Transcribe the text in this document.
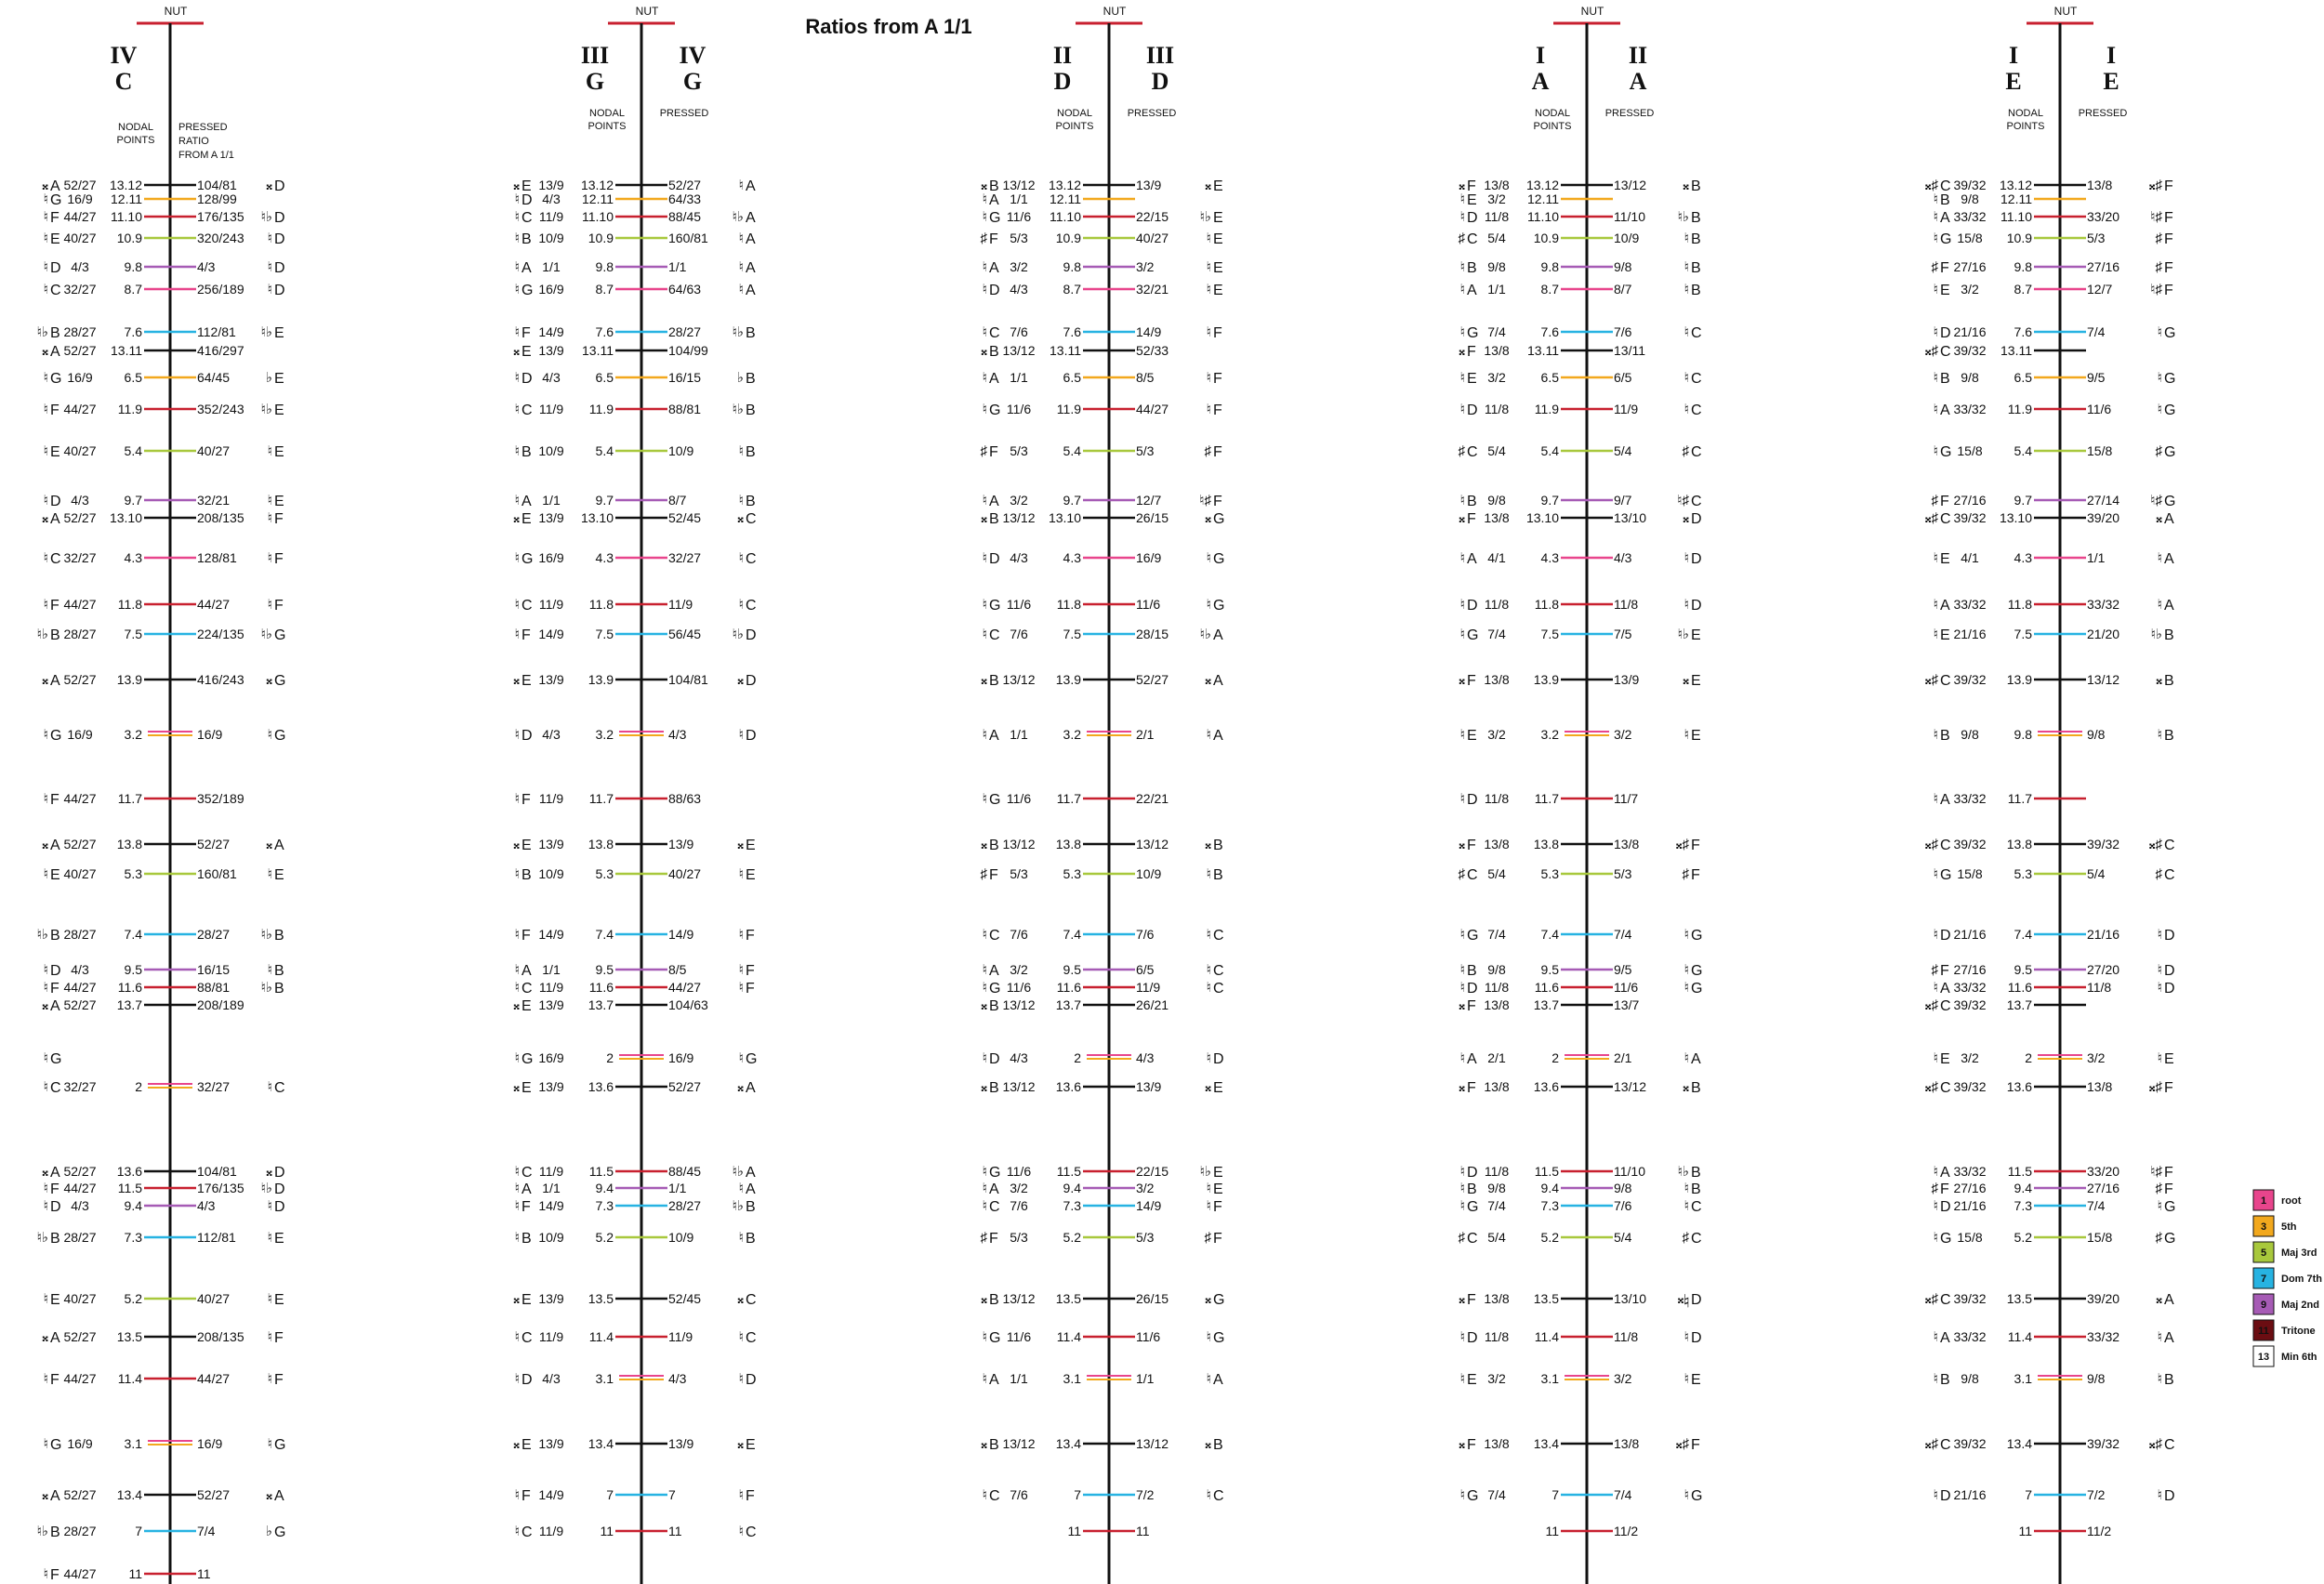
Ratios from A 1/1
NUT
IV
C
NODAL
POINTS
PRESSED
RATIO
FROM A 1/1
𝄪 A 52/27 13.12	104/81 𝄪 D
♮ G 16/9 12.11	128/99
♮ F 44/27 11.10	176/135 ♮♭ D
♮ E 40/27 10.9	320/243 ♮ D
♮ D 4/3	9.8	4/3	♮ D
♮ C 32/27 8.7	256/189 ♮ D
♮♭ B 28/27 7.6	112/81 ♮♭ E
𝄪 A 52/27 13.11	416/297
♮ G 16/9 6.5	64/45	♭ E
♮ F 44/27 11.9	352/243 ♮♭ E
♮ E 40/27 5.4	40/27	♮ E
♮ D 4/3	9.7	32/21	♮ E
𝄪 A 52/27 13.10	208/135 ♮ F
♮ C 32/27 4.3	128/81 ♮ F
♮ F 44/27 11.8	44/27	♮ F
♮♭ B 28/27 7.5	224/135 ♮♭ G
𝄪 A 52/27 13.9	416/243 𝄪 G
♮ G 16/9 3.2	16/9	♮ G
♮ F 44/27 11.7	352/189
𝄪 A 52/27 13.8	52/27	𝄪 A
♮ E 40/27 5.3	160/81 ♮ E
♮♭ B 28/27 7.4	28/27 ♮♭ B
♮ D 4/3	9.5	16/15	♮ B
♮ F 44/27 11.6	88/81 ♮♭ B
𝄪 A 52/27 13.7	208/189
♮ G
♮ C 32/27	2	32/27	♮ C
𝄪 A 52/27 13.6	104/81 𝄪 D
♮ F 44/27 11.5	176/135 ♮♭ D
♮ D 4/3	9.4	4/3	♮ D
♮♭ B 28/27 7.3	112/81 ♮ E
♮ E 40/27 5.2	40/27	♮ E
𝄪 A 52/27 13.5	208/135 ♮ F
♮ F 44/27 11.4	44/27	♮ F
♮ G 16/9 3.1	16/9	♮ G
𝄪 A 52/27 13.4	52/27	𝄪 A
♮♭ B 28/27	7	7/4	♭ G
♮ F 44/27 11	11
NUT
III
G
IV
G
NODAL
POINTS
PRESSED
𝄪 E 13/9 13.12	52/27	♮ A
♮ D 4/3 12.11	64/33
♮ C 11/9 11.10	88/45 ♮♭ A
♮ B 10/9 10.9	160/81 ♮ A
♮ A 1/1	9.8	1/1	♮ A
♮ G 16/9 8.7	64/63	♮ A
♮ F 14/9 7.6	28/27 ♮♭ B
𝄪 E 13/9 13.11	104/99
♮ D 4/3	6.5	16/15	♭ B
♮ C 11/9 11.9	88/81 ♮♭ B
♮ B 10/9 5.4	10/9	♮ B
♮ A 1/1	9.7	8/7	♮ B
𝄪 E 13/9 13.10	52/45	𝄪 C
♮ G 16/9 4.3	32/27	♮ C
♮ C 11/9 11.8	11/9	♮ C
♮ F 14/9 7.5	56/45 ♮♭ D
𝄪 E 13/9 13.9	104/81 𝄪 D
♮ D 4/3	3.2	4/3	♮ D
♮ F 11/9 11.7	88/63
𝄪 E 13/9 13.8	13/9	𝄪 E
♮ B 10/9 5.3	40/27	♮ E
♮ F 14/9 7.4	14/9	♮ F
♮ A 1/1	9.5	8/5	♮ F
♮ C 11/9 11.6	44/27	♮ F
𝄪 E 13/9 13.7	104/63
♮ G 16/9	2	16/9	♮ G
𝄪 E 13/9 13.6	52/27	𝄪 A
♮ C 11/9 11.5	88/45 ♮♭ A
♮ A 1/1	9.4	1/1	♮ A
♮ F 14/9 7.3	28/27 ♮♭ B
♮ B 10/9 5.2	10/9	♮ B
𝄪 E 13/9 13.5	52/45	𝄪 C
♮ C 11/9 11.4	11/9	♮ C
♮ D 4/3	3.1	4/3	♮ D
𝄪 E 13/9 13.4	13/9	𝄪 E
♮ F 14/9	7	7	♮ F
♮ C 11/9	11	11	♮ C
NUT
II
D
III
D
NODAL
POINTS
PRESSED
𝄪 B 13/12 13.12	13/9	𝄪 E
♮ A 1/1 12.11
♮ G 11/6 11.10	22/15 ♮♭ E
♯ F 5/3 10.9	40/27	♮ E
♮ A 3/2	9.8	3/2	♮ E
♮ D 4/3	8.7	32/21	♮ E
♮ C 7/6	7.6	14/9	♮ F
𝄪 B 13/12 13.11	52/33
♮ A 1/1	6.5	8/5	♮ F
♮ G 11/6 11.9	44/27	♮ F
♯ F 5/3	5.4	5/3	♯ F
♮ A 3/2	9.7	12/7	♮♯ F
𝄪 B 13/12 13.10	26/15	𝄪 G
♮ D 4/3	4.3	16/9	♮ G
♮ G 11/6 11.8	11/6	♮ G
♮ C 7/6	7.5	28/15 ♮♭ A
𝄪 B 13/12 13.9	52/27	𝄪 A
♮ A 1/1	3.2	2/1	♮ A
♮ G 11/6 11.7	22/21
𝄪 B 13/12 13.8	13/12	𝄪 B
♯ F 5/3	5.3	10/9	♮ B
♮ C 7/6	7.4	7/6	♮ C
♮ A 3/2	9.5	6/5	♮ C
♮ G 11/6 11.6	11/9	♮ C
𝄪 B 13/12 13.7	26/21
♮ D 4/3	2	4/3	♮ D
𝄪 B 13/12 13.6	13/9	𝄪 E
♮ G 11/6 11.5	22/15 ♮♭ E
♮ A 3/2	9.4	3/2	♮ E
♮ C 7/6	7.3	14/9	♮ F
♯ F 5/3	5.2	5/3	♯ F
𝄪 B 13/12 13.5	26/15	𝄪 G
♮ G 11/6 11.4	11/6	♮ G
♮ A 1/1	3.1	1/1	♮ A
𝄪 B 13/12 13.4	13/12	𝄪 B
♮ C 7/6	7	7/2	♮ C
11	11
NUT
I
A
II
A
NODAL
POINTS
PRESSED
𝄪 F 13/8 13.12	13/12	𝄪 B
♮ E 3/2 12.11
♮ D 11/8 11.10	11/10 ♮♭ B
♯ C 5/4 10.9	10/9	♮ B
♮ B 9/8	9.8	9/8	♮ B
♮ A 1/1	8.7	8/7	♮ B
♮ G 7/4	7.6	7/6	♮ C
𝄪 F 13/8 13.11	13/11
♮ E 3/2	6.5	6/5	♮ C
♮ D 11/8 11.9	11/9	♮ C
♯ C 5/4	5.4	5/4	♯ C
♮ B 9/8	9.7	9/7	♮♯ C
𝄪 F 13/8 13.10	13/10	𝄪 D
♮ A 4/1	4.3	4/3	♮ D
♮ D 11/8 11.8	11/8	♮ D
♮ G 7/4	7.5	7/5	♮♭ E
𝄪 F 13/8 13.9	13/9	𝄪 E
♮ E 3/2	3.2	3/2	♮ E
♮ D 11/8 11.7	11/7
𝄪 F 13/8 13.8	13/8	𝄪♯ F
♯ C 5/4	5.3	5/3	♯ F
♮ G 7/4	7.4	7/4	♮ G
♮ B 9/8	9.5	9/5	♮ G
♮ D 11/8 11.6	11/6	♮ G
𝄪 F 13/8 13.7	13/7
♮ A 2/1	2	2/1	♮ A
𝄪 F 13/8 13.6	13/12	𝄪 B
♮ D 11/8 11.5	11/10 ♮♭ B
♮ B 9/8	9.4	9/8	♮ B
♮ G 7/4	7.3	7/6	♮ C
♯ C 5/4	5.2	5/4	♯ C
𝄪 F 13/8 13.5	13/10 𝄪♮ D
♮ D 11/8 11.4	11/8	♮ D
♮ E 3/2	3.1	3/2	♮ E
𝄪 F 13/8 13.4	13/8	𝄪♯ F
♮ G 7/4	7	7/4	♮ G
11	11/2
NUT
I
E
I
E
NODAL
POINTS
PRESSED
𝄪♯ C 39/32 13.12	13/8	𝄪♯ F
♮ B 9/8 12.11
♮ A 33/32 11.10	33/20 ♮♯ F
♮ G 15/8 10.9	5/3	♯ F
♯ F 27/16 9.8	27/16	♯ F
♮ E 3/2	8.7	12/7	♮♯ F
♮ D 21/16 7.6	7/4	♮ G
𝄪♯ C 39/32 13.11
♮ B 9/8	6.5	9/5	♮ G
♮ A 33/32 11.9	11/6	♮ G
♮ G 15/8 5.4	15/8	♯ G
♯ F 27/16 9.7	27/14 ♮♯ G
𝄪♯ C 39/32 13.10	39/20	𝄪 A
♮ E 4/1	4.3	1/1	♮ A
♮ A 33/32 11.8	33/32	♮ A
♮ E 21/16 7.5	21/20 ♮♭ B
𝄪♯ C 39/32 13.9	13/12	𝄪 B
♮ B 9/8	9.8	9/8	♮ B
♮ A 33/32 11.7
𝄪♯ C 39/32 13.8	39/32 𝄪♯ C
♮ G 15/8 5.3	5/4	♯ C
♮ D 21/16 7.4	21/16	♮ D
♯ F 27/16 9.5	27/20	♮ D
♮ A 33/32 11.6	11/8	♮ D
𝄪♯ C 39/32 13.7
♮ E 3/2	2	3/2	♮ E
𝄪♯ C 39/32 13.6	13/8	𝄪♯ F
♮ A 33/32 11.5	33/20 ♮♯ F
♯ F 27/16 9.4	27/16	♯ F
♮ D 21/16 7.3	7/4	♮ G
♮ G 15/8 5.2	15/8	♯ G
𝄪♯ C 39/32 13.5	39/20	𝄪 A
♮ A 33/32 11.4	33/32	♮ A
♮ B 9/8	3.1	9/8	♮ B
𝄪♯ C 39/32 13.4	39/32 𝄪♯ C
♮ D 21/16	7	7/2	♮ D
11	11/2
1 root
3 5th
5 Maj 3rd
7 Dom 7th
9 Maj 2nd
11 Tritone
13 Min 6th
